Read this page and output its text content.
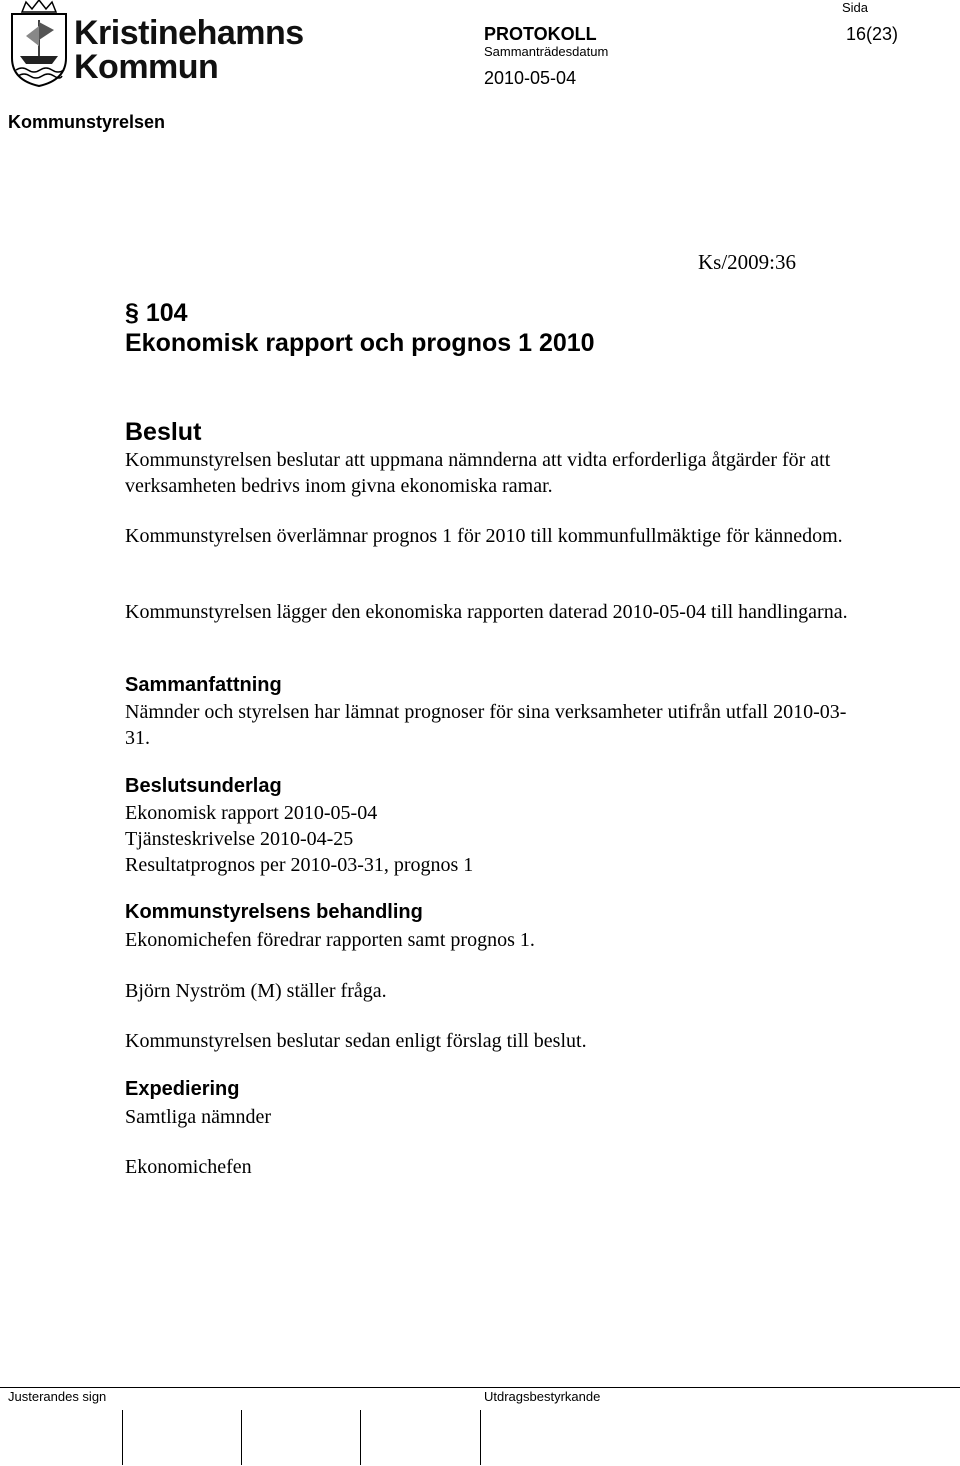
Kristinehamns
Kommun
PROTOKOLL
Sammanträdesdatum
2010-05-04
Sida
16(23)
Kommunstyrelsen
Ks/2009:36
§ 104
Ekonomisk rapport och prognos 1 2010
Beslut
Kommunstyrelsen beslutar att uppmana nämnderna att vidta erforderliga åtgärder för att verksamheten bedrivs inom givna ekonomiska ramar.
Kommunstyrelsen överlämnar prognos 1 för 2010 till kommunfullmäktige för kännedom.
Kommunstyrelsen lägger den ekonomiska rapporten daterad 2010-05-04 till handlingarna.
Sammanfattning
Nämnder och styrelsen har lämnat prognoser för sina verksamheter utifrån utfall 2010-03-31.
Beslutsunderlag
Ekonomisk rapport 2010-05-04
Tjänsteskrivelse 2010-04-25
Resultatprognos per 2010-03-31, prognos 1
Kommunstyrelsens behandling
Ekonomichefen föredrar rapporten samt prognos 1.
Björn Nyström (M) ställer fråga.
Kommunstyrelsen beslutar sedan enligt förslag till beslut.
Expediering
Samtliga nämnder
Ekonomichefen
Justerandes sign	Utdragsbestyrkande
